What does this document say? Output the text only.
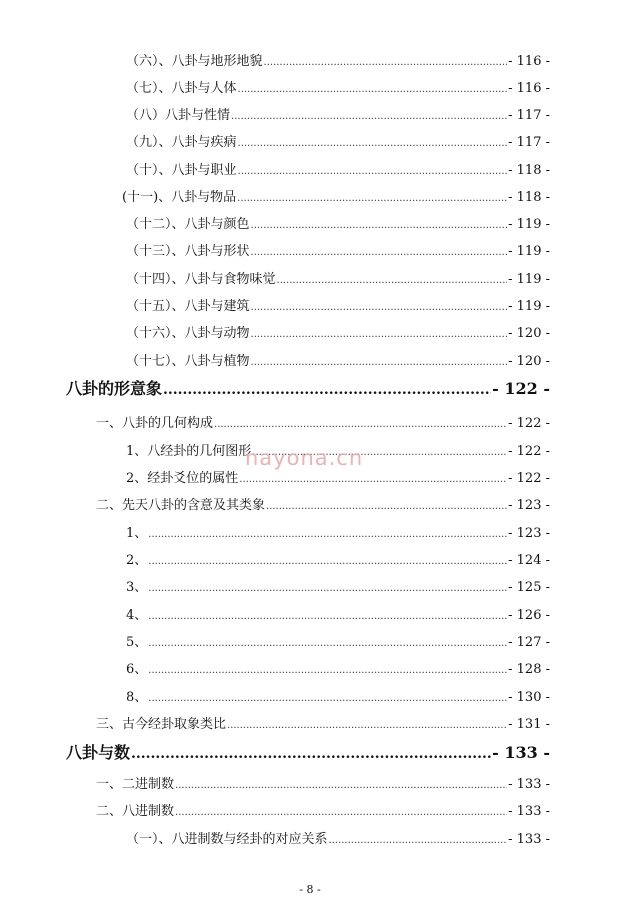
（六）、八卦与地形地貌 .....	- 116 -
（七）、八卦与人体 .....	- 116 -
（八）八卦与性情 .....	- 117 -
（九）、八卦与疾病 .....	- 117 -
（十）、八卦与职业 .....	- 118 -
(十一)、八卦与物品 .....	- 118 -
（十二）、八卦与颜色 .....	- 119 -
（十三）、八卦与形状 .....	- 119 -
（十四）、八卦与食物味觉 .....	- 119 -
（十五）、八卦与建筑 .....	- 119 -
（十六）、八卦与动物 .....	- 120 -
（十七）、八卦与植物 .....	- 120 -
八卦的形意象 .....	- 122 -
一、八卦的几何构成 .....	- 122 -
1、八经卦的几何图形 .....	- 122 -
2、经卦爻位的属性 .....	- 122 -
二、先天八卦的含意及其类象 .....	- 123 -
1、 .....	- 123 -
2、 .....	- 124 -
3、 .....	- 125 -
4、 .....	- 126 -
5、 .....	- 127 -
6、 .....	- 128 -
8、 .....	- 130 -
三、古今经卦取象类比 .....	- 131 -
八卦与数 .....	- 133 -
一、二进制数 .....	- 133 -
二、八进制数 .....	- 133 -
（一）、八进制数与经卦的对应关系 .....	- 133 -
nayona.cn
- 8 -
